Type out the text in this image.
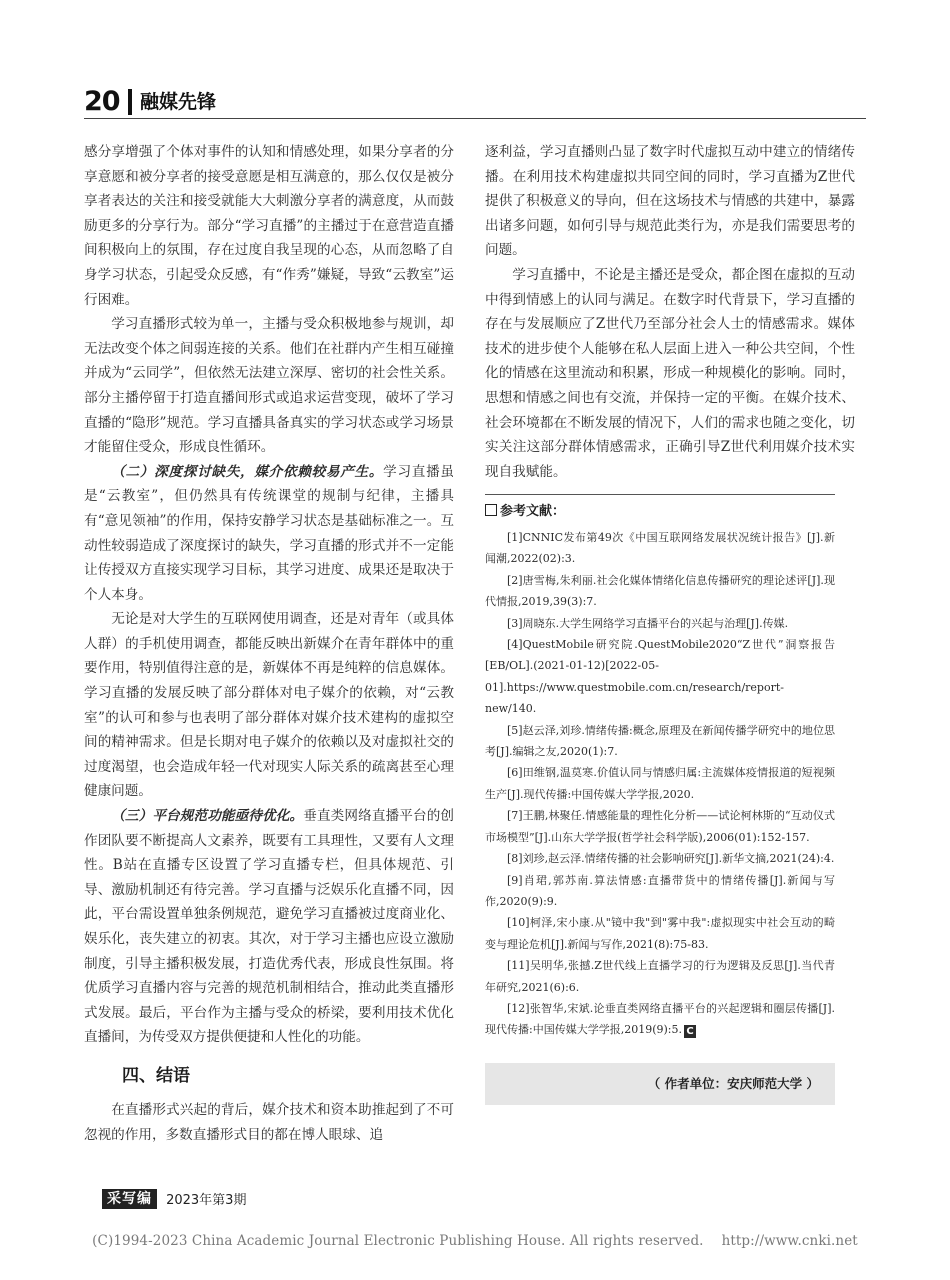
20 融媒先锋

感分享增强了个体对事件的认知和情感处理，如果分享者的分享意愿和被分享者的接受意愿是相互满意的，那么仅仅是被分享者表达的关注和接受就能大大刺激分享者的满意度，从而鼓励更多的分享行为。部分“学习直播”的主播过于在意营造直播间积极向上的氛围，存在过度自我呈现的心态，从而忽略了自身学习状态，引起受众反感，有“作秀”嫌疑，导致“云教室”运行困难。

学习直播形式较为单一，主播与受众积极地参与规训，却无法改变个体之间弱连接的关系。他们在社群内产生相互碰撞并成为“云同学”，但依然无法建立深厚、密切的社会性关系。部分主播停留于打造直播间形式或追求运营变现，破坏了学习直播的“隐形”规范。学习直播具备真实的学习状态或学习场景才能留住受众，形成良性循环。

（二）深度探讨缺失，媒介依赖较易产生。学习直播虽是“云教室”，但仍然具有传统课堂的规制与纪律，主播具有“意见领袖”的作用，保持安静学习状态是基础标准之一。互动性较弱造成了深度探讨的缺失，学习直播的形式并不一定能让传授双方直接实现学习目标，其学习进度、成果还是取决于个人本身。

无论是对大学生的互联网使用调查，还是对青年（或具体人群）的手机使用调查，都能反映出新媒介在青年群体中的重要作用，特别值得注意的是，新媒体不再是纯粹的信息媒体。学习直播的发展反映了部分群体对电子媒介的依赖，对“云教室”的认可和参与也表明了部分群体对媒介技术建构的虚拟空间的精神需求。但是长期对电子媒介的依赖以及对虚拟社交的过度渴望，也会造成年轻一代对现实人际关系的疏离甚至心理健康问题。

（三）平台规范功能亟待优化。垂直类网络直播平台的创作团队要不断提高人文素养，既要有工具理性，又要有人文理性。B站在直播专区设置了学习直播专栏，但具体规范、引导、激励机制还有待完善。学习直播与泛娱乐化直播不同，因此，平台需设置单独条例规范，避免学习直播被过度商业化、娱乐化，丧失建立的初衷。其次，对于学习主播也应设立激励制度，引导主播积极发展，打造优秀代表，形成良性氛围。将优质学习直播内容与完善的规范机制相结合，推动此类直播形式发展。最后，平台作为主播与受众的桥梁，要利用技术优化直播间，为传受双方提供便捷和人性化的功能。

四、结语

在直播形式兴起的背后，媒介技术和资本助推起到了不可忽视的作用，多数直播形式目的都在博人眼球、追

逐利益，学习直播则凸显了数字时代虚拟互动中建立的情绪传播。在利用技术构建虚拟共同空间的同时，学习直播为Z世代提供了积极意义的导向，但在这场技术与情感的共建中，暴露出诸多问题，如何引导与规范此类行为，亦是我们需要思考的问题。

学习直播中，不论是主播还是受众，都企图在虚拟的互动中得到情感上的认同与满足。在数字时代背景下，学习直播的存在与发展顺应了Z世代乃至部分社会人士的情感需求。媒体技术的进步使个人能够在私人层面上进入一种公共空间，个性化的情感在这里流动和积累，形成一种规模化的影响。同时，思想和情感之间也有交流，并保持一定的平衡。在媒介技术、社会环境都在不断发展的情况下，人们的需求也随之变化，切实关注这部分群体情感需求，正确引导Z世代利用媒介技术实现自我赋能。

参考文献：

[1]CNNIC发布第49次《中国互联网络发展状况统计报告》[J].新闻潮,2022(02):3.

[2]唐雪梅,朱利丽.社会化媒体情绪化信息传播研究的理论述评[J].现代情报,2019,39(3):7.

[3]周晓东.大学生网络学习直播平台的兴起与治理[J].传媒.

[4]QuestMobile研究院.QuestMobile2020“Z世代”洞察报告[EB/OL].(2021-01-12)[2022-05-01].https://www.questmobile.com.cn/research/report-new/140.

[5]赵云泽,刘珍.情绪传播:概念,原理及在新闻传播学研究中的地位思考[J].编辑之友,2020(1):7.

[6]田维钢,温莫寒.价值认同与情感归属:主流媒体疫情报道的短视频生产[J].现代传播:中国传媒大学学报,2020.

[7]王鹏,林聚任.情感能量的理性化分析——试论柯林斯的“互动仪式市场模型”[J].山东大学学报(哲学社会科学版),2006(01):152-157.

[8]刘珍,赵云泽.情绪传播的社会影响研究[J].新华文摘,2021(24):4.

[9]肖珺,郭苏南.算法情感:直播带货中的情绪传播[J].新闻与写作,2020(9):9.

[10]柯泽,宋小康.从"镜中我"到"雾中我":虚拟现实中社会互动的畸变与理论危机[J].新闻与写作,2021(8):75-83.

[11]吴明华,张撼.Z世代线上直播学习的行为逻辑及反思[J].当代青年研究,2021(6):6.

[12]张智华,宋斌.论垂直类网络直播平台的兴起逻辑和圈层传播[J].现代传播:中国传媒大学学报,2019(9):5. C

（ 作者单位：安庆师范大学 ）
采写编 2023年第3期
(C)1994-2023 China Academic Journal Electronic Publishing House. All rights reserved. http://www.cnki.net
